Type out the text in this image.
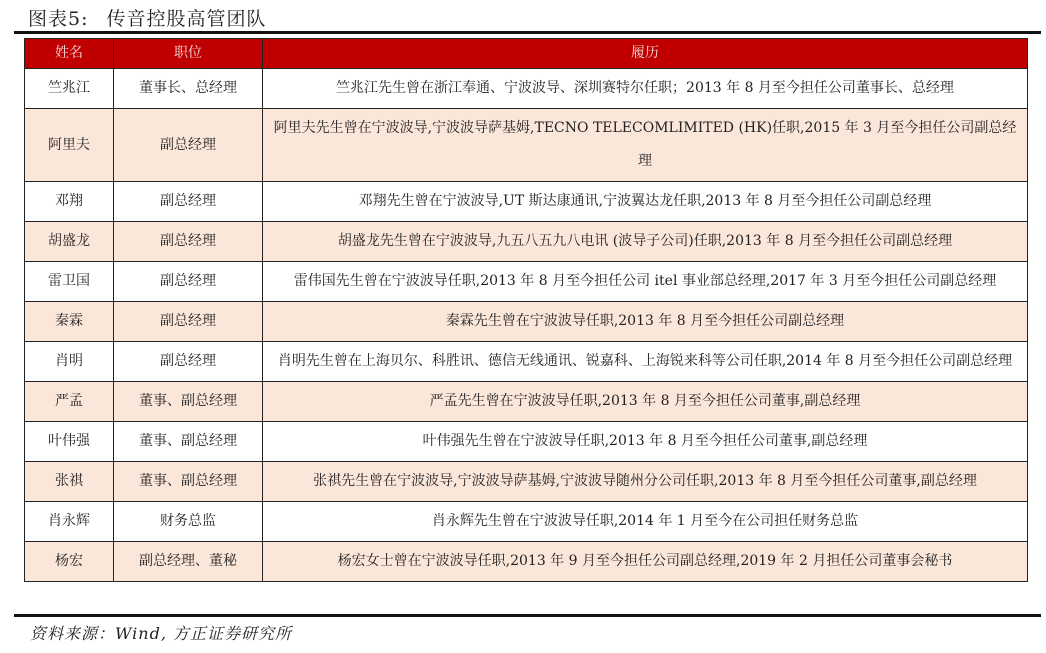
图表5: 传音控股高管团队
姓名	职位	履历
竺兆江	董事长、总经理	竺兆江先生曾在浙江奉通、宁波波导、深圳赛特尔任职；2013 年 8 月至今担任公司董事长、总经理
阿里夫	副总经理	阿里夫先生曾在宁波波导,宁波波导萨基姆,TECNO TELECOMLIMITED (HK)任职,2015 年 3 月至今担任公司副总经理
邓翔	副总经理	邓翔先生曾在宁波波导,UT 斯达康通讯,宁波翼达龙任职,2013 年 8 月至今担任公司副总经理
胡盛龙	副总经理	胡盛龙先生曾在宁波波导,九五八五九八电讯 (波导子公司)任职,2013 年 8 月至今担任公司副总经理
雷卫国	副总经理	雷伟国先生曾在宁波波导任职,2013 年 8 月至今担任公司 itel 事业部总经理,2017 年 3 月至今担任公司副总经理
秦霖	副总经理	秦霖先生曾在宁波波导任职,2013 年 8 月至今担任公司副总经理
肖明	副总经理	肖明先生曾在上海贝尔、科胜讯、德信无线通讯、锐嘉科、上海锐来科等公司任职,2014 年 8 月至今担任公司副总经理
严孟	董事、副总经理	严孟先生曾在宁波波导任职,2013 年 8 月至今担任公司董事,副总经理
叶伟强	董事、副总经理	叶伟强先生曾在宁波波导任职,2013 年 8 月至今担任公司董事,副总经理
张祺	董事、副总经理	张祺先生曾在宁波波导,宁波波导萨基姆,宁波波导随州分公司任职,2013 年 8 月至今担任公司董事,副总经理
肖永辉	财务总监	肖永辉先生曾在宁波波导任职,2014 年 1 月至今在公司担任财务总监
杨宏	副总经理、董秘	杨宏女士曾在宁波波导任职,2013 年 9 月至今担任公司副总经理,2019 年 2 月担任公司董事会秘书
资料来源：Wind, 方正证券研究所
